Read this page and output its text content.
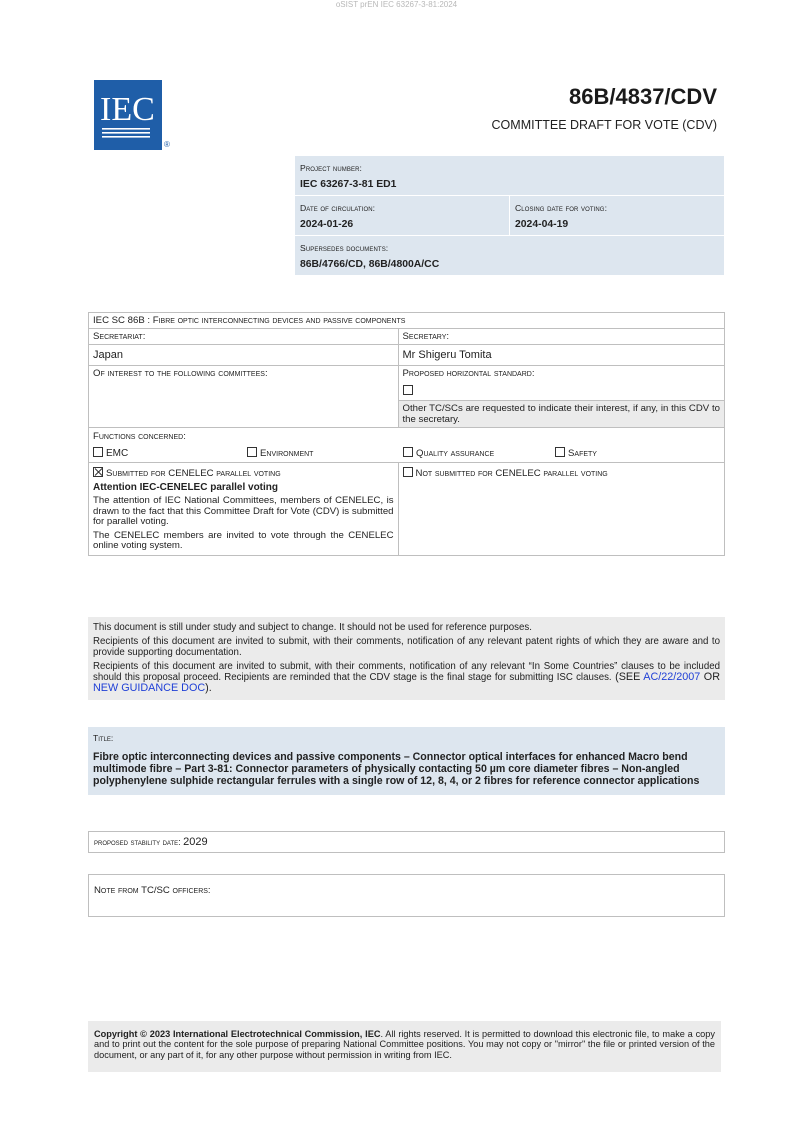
oSIST prEN IEC 63267-3-81:2024
IEC
®
86B/4837/CDV
COMMITTEE DRAFT FOR VOTE (CDV)
Project number:
IEC 63267-3-81 ED1
Date of circulation:
2024-01-26
Closing date for voting:
2024-04-19
Supersedes documents:
86B/4766/CD, 86B/4800A/CC
IEC SC 86B : Fibre optic interconnecting devices and passive components	
Secretariat:	Secretary:
Japan	Mr Shigeru Tomita
Of interest to the following committees:	Proposed horizontal standard:

	Other TC/SCs are requested to indicate their interest, if any, in this CDV to the secretary.

Functions concerned:
EMC Environment Quality assurance Safety	

Submitted for CENELEC parallel voting
Attention IEC-CENELEC parallel voting
The attention of IEC National Committees, members of CENELEC, is drawn to the fact that this Committee Draft for Vote (CDV) is submitted for parallel voting.
The CENELEC members are invited to vote through the CENELEC online voting system.	Not submitted for CENELEC parallel voting

This document is still under study and subject to change. It should not be used for reference purposes.

Recipients of this document are invited to submit, with their comments, notification of any relevant patent rights of which they are aware and to provide supporting documentation.

Recipients of this document are invited to submit, with their comments, notification of any relevant “In Some Countries” clauses to be included should this proposal proceed. Recipients are reminded that the CDV stage is the final stage for submitting ISC clauses. (SEE AC/22/2007 OR NEW GUIDANCE DOC).

Title:
Fibre optic interconnecting devices and passive components – Connector optical interfaces for enhanced Macro bend multimode fibre – Part 3-81: Connector parameters of physically contacting 50 µm core diameter fibres – Non-angled polyphenylene sulphide rectangular ferrules with a single row of 12, 8, 4, or 2 fibres for reference connector applications
proposed stability date: 2029
Note from TC/SC officers:
Copyright © 2023 International Electrotechnical Commission, IEC. All rights reserved. It is permitted to download this electronic file, to make a copy and to print out the content for the sole purpose of preparing National Committee positions. You may not copy or "mirror" the file or printed version of the document, or any part of it, for any other purpose without permission in writing from IEC.
